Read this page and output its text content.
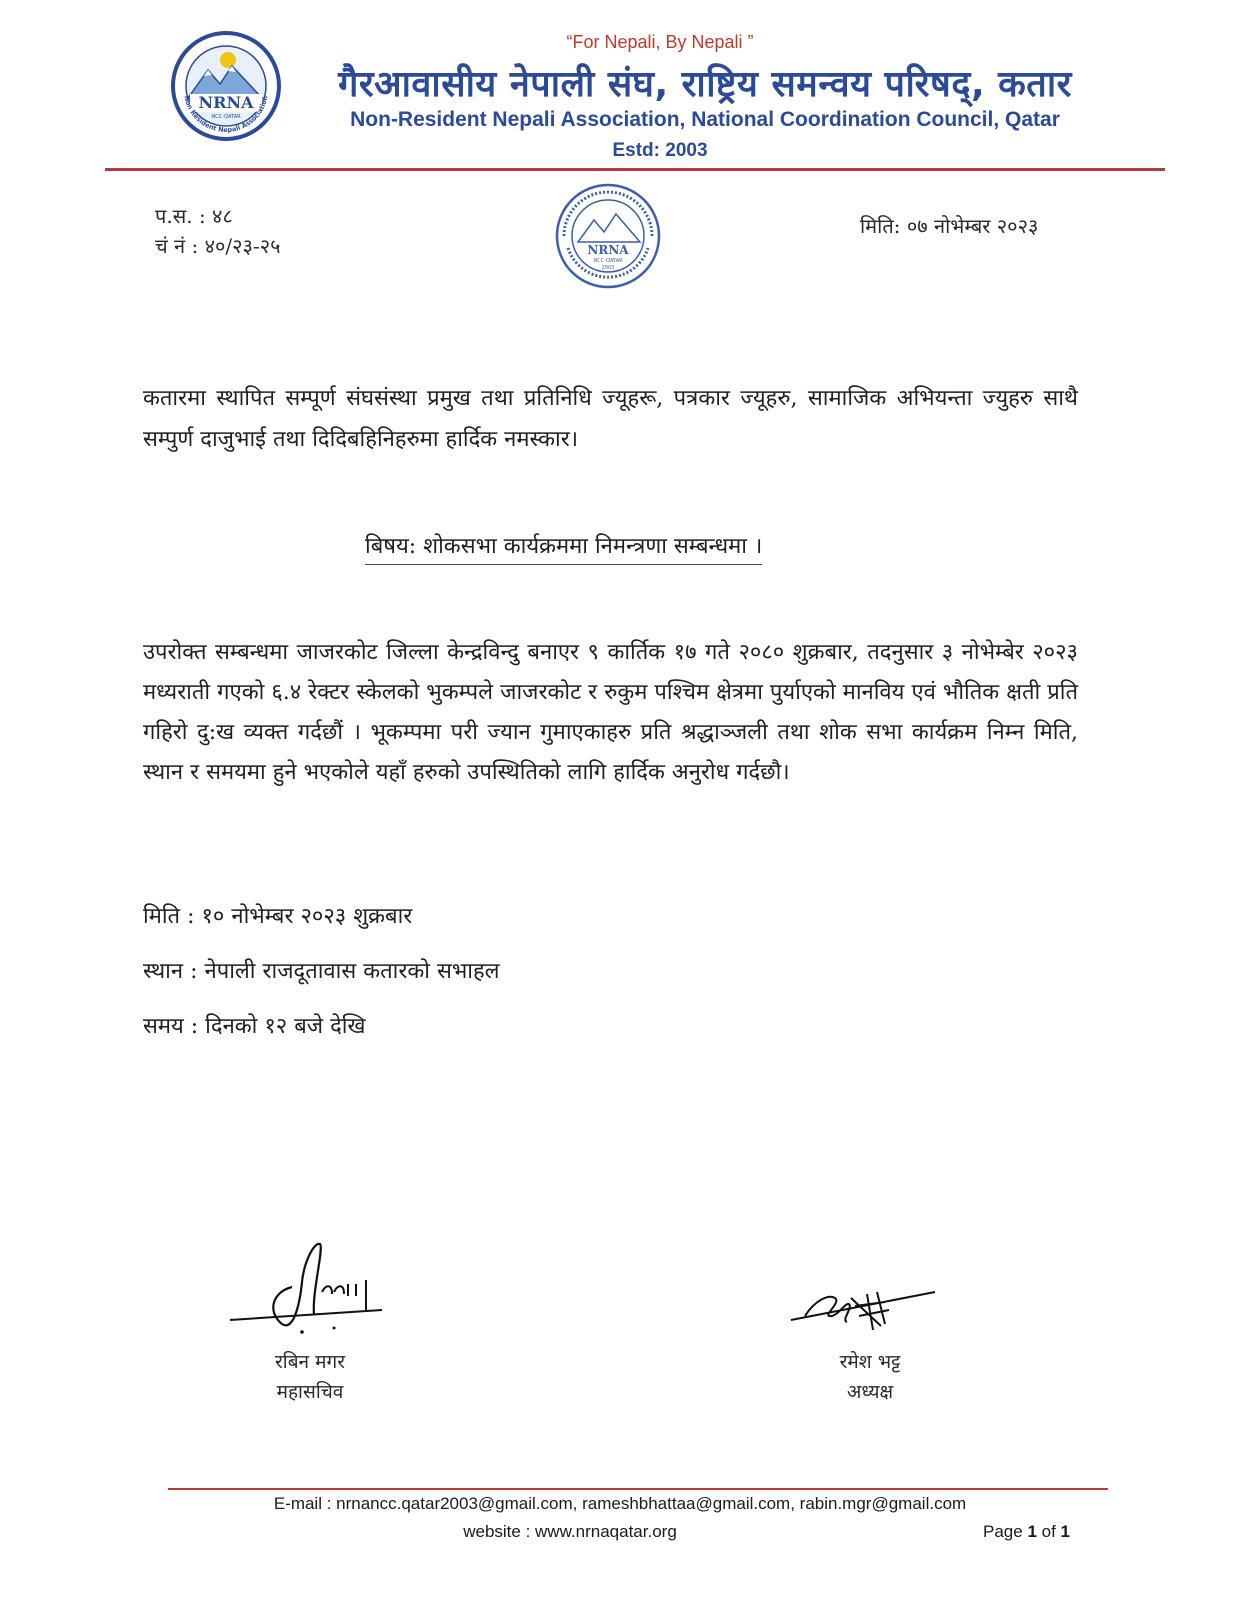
NRNA
NCC-QATAR
Non Resident Nepali Association
“For Nepali, By Nepali ”
गैरआवासीय नेपाली संघ, राष्ट्रिय समन्वय परिषद्, कतार
Non-Resident Nepali Association, National Coordination Council, Qatar
Estd: 2003
प.स. : ४८
चं नं : ४०/२३-२५
मिति: ०७ नोभेम्बर २०२३
NRNA
NCC-QATAR
2003
कतारमा स्थापित सम्पूर्ण संघसंस्था प्रमुख तथा प्रतिनिधि ज्यूहरू, पत्रकार ज्यूहरु, सामाजिक अभियन्ता ज्युहरु साथै सम्पुर्ण दाजुभाई तथा दिदिबहिनिहरुमा हार्दिक नमस्कार।
बिषय: शोकसभा कार्यक्रममा निमन्त्रणा सम्बन्धमा ।
उपरोक्त सम्बन्धमा जाजरकोट जिल्ला केन्द्रविन्दु बनाएर ९ कार्तिक १७ गते २०८० शुक्रबार, तदनुसार ३ नोभेम्बेर २०२३ मध्यराती गएको ६.४ रेक्टर स्केलको भुकम्पले जाजरकोट र रुकुम पश्चिम क्षेत्रमा पुर्याएको मानविय एवं भौतिक क्षती प्रति गहिरो दु:ख व्यक्त गर्दछौं । भूकम्पमा परी ज्यान गुमाएकाहरु प्रति श्रद्धाञ्जली तथा शोक सभा कार्यक्रम निम्न मिति, स्थान र समयमा हुने भएकोले यहाँ हरुको उपस्थितिको लागि हार्दिक अनुरोध गर्दछौ।
मिति : १० नोभेम्बर २०२३ शुक्रबार
स्थान : नेपाली राजदूतावास कतारको सभाहल
समय : दिनको १२ बजे देखि
रबिन मगर
महासचिव
रमेश भट्ट
अध्यक्ष
E-mail : nrnancc.qatar2003@gmail.com, rameshbhattaa@gmail.com, rabin.mgr@gmail.com
website : www.nrnaqatar.org	Page 1 of 1
